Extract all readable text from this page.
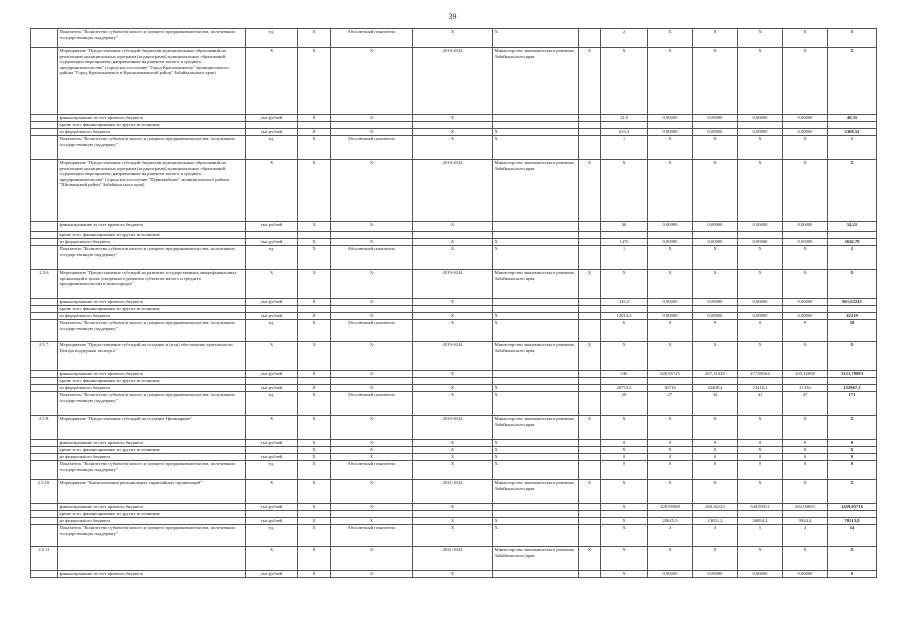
39
	Показатель "Количество субъектов малого и среднего предпринимательства, получивших государственную поддержку"	ед.	X	Абсолютный показатель	X	X		2	X	X	X	X	5
	Мероприятие "Предоставление субсидий бюджетам муниципальных образований на реализацию муниципальных программ (подпрограмм) муниципальных образований, содержащих мероприятия, направленные на развитие малого и среднего предпринимательства" (городское поселение "Город Краснокаменск" муниципального района "Город Краснокаменск и Краснокаменский район" Забайкальского края)	X	X	X	2019-2024	Министерство экономического развития Забайкальского края	X	X	X	X	X	X	X
	финансирование за счет краевого бюджета	тыс.рублей	X	X	X			12,9	0,00000	0,00000	0,00000	0,00000	48,35
	кроме того, финансирование из других источников:												
	из федерального бюджета	тыс.рублей	X	X	X	X		615,3	0,00000	0,00000	0,00000	0,00000	2368,52
	Показатель "Количество субъектов малого и среднего предпринимательства, получивших государственную поддержку"	ед.	X	Абсолютный показатель	X	X		1	X	X	X	X	1
	Мероприятие "Предоставление субсидий бюджетам муниципальных образований на реализацию муниципальных программ (подпрограмм) муниципальных образований, содержащих мероприятия, направленные на развитие малого и среднего предпринимательства" (городское поселение "Первомайское" муниципального района "Шилкинский район" Забайкальского края)	X	X	X	2019-2024	Министерство экономического развития Забайкальского края	X	X	X	X	X	X	X
	финансирование за счет краевого бюджета	тыс.рублей	X	X	X			30	0,00000	0,00000	0,00000	0,00000	54,22
	кроме того, финансирование из других источников:												
	из федерального бюджета	тыс.рублей	X	X	X	X		1470	0,00000	0,00000	0,00000	0,00000	2656,78
	Показатель "Количество субъектов малого и среднего предпринимательства, получивших государственную поддержку"	ед.	X	Абсолютный показатель	X	X		1	X	X	X	X	2
2.5.6	Мероприятие "Предоставление субсидий на развитие государственных микрофинансовых организаций в целях ускоренного развития субъектов малого и среднего предпринимательства в моногородах"	X	X	X	2019-2024	Министерство экономического развития Забайкальского края	X	X	X	X	X	X	X
	финансирование за счет краевого бюджета	тыс.рублей	X	X	X			245,2	0,00000	0,00000	0,00000	0,00000	861,62245
	кроме того, финансирование из других источников:												
	из федерального бюджета	тыс.рублей	X	X	X	X		12014,3	0,00000	0,00000	0,00000	0,00000	42219
	Показатель "Количество субъектов малого и среднего предпринимательства, получивших государственную поддержку"	ед.	X	Абсолютный показатель	X	X		6	0	0	0	0	18
2.5.7.	Мероприятие "Предоставление субсидий на создание и (или) обеспечение деятельности Центра поддержки экспорта"	X	X	X	2019-2024	Министерство экономического развития Забайкальского края	X	X	X	X	X	X	X
	финансирование за счет краевого бюджета	тыс.рублей	X	X	X			546	626,85725	457,31429	477,88164	435,42858	3121,78983
	кроме того, финансирование из других источников:												
	из федерального бюджета	тыс.рублей	X	X	X	X		26753,5	30716	22408,4	23416,2	21336	152967,2
	Показатель "Количество субъектов малого и среднего предпринимательства, получивших государственную поддержку"	ед.	X	Абсолютный показатель	X	X		20	27	34	41	47	171
2.5.8.	Мероприятие "Предоставление субсидий на создание Промпарков"	X	X	X	2020-2024	Министерство экономического развития Забайкальского края	X	X	X	X	X	X	X
	финансирование за счет краевого бюджета	тыс.рублей	X	X	X	X		0	0	0	0	0	0
	кроме того, финансирование из других источников:		X	X	X	X		X	X	X	X	X	X
	из федерального бюджета	тыс.рублей	X	X	X	X		0	0	0	0	0	0
	Показатель "Количество субъектов малого и среднего предпринимательства, получивших государственную поддержку"	ед.	X	Абсолютный показатель	X	X		0	0	0	0	0	0
2.5.10.	Мероприятие "Капитализация региональных гарантийных организаций"	X	X	X	2021-2024	Министерство экономического развития Забайкальского края	X	X	X	X	X	X	X
	финансирование за счет краевого бюджета	тыс.рублей	X	X	X			X	420,88368	266,36123	548,89551	202,94694	1439,05716
	кроме того, финансирование из других источников:												
	из федерального бюджета	тыс.рублей	X	X	X	X		X	20625,3	13051,2	26894,4	9944,4	70513,8
	Показатель "Количество субъектов малого и среднего предпринимательства, получивших государственную поддержку"	ед.	X	Абсолютный показатель	X	X		X	4	3	5	2	14
2.5.11		X	X	X	2021-2024	Министерство экономического развития Забайкальского края	X	X	X	X	X	X	X
	финансирование за счет краевого бюджета	тыс.рублей	X	X	X			X	0,00000	0,00000	0,00000	0,00000	0
